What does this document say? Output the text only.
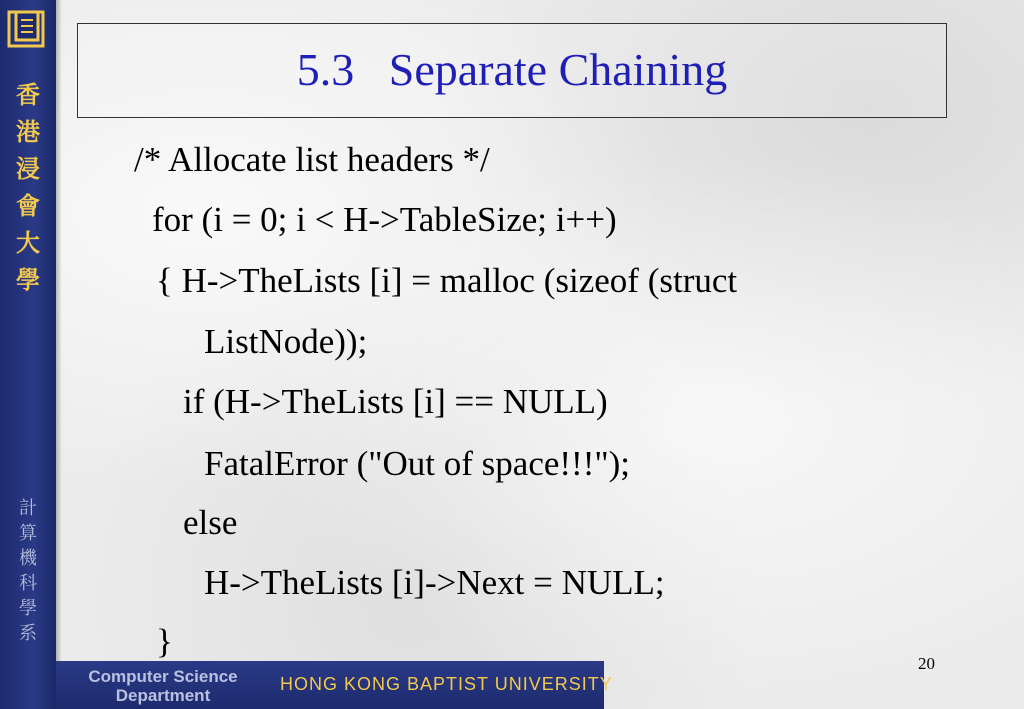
香
港
浸
會
大
學
計
算
機
科
學
系
Computer Science
Department
HONG KONG BAPTIST UNIVERSITY
5.3   Separate Chaining
/* Allocate list headers */
for (i = 0; i < H->TableSize; i++)
{ H->TheLists [i] = malloc (sizeof (struct
ListNode));
if (H->TheLists [i] == NULL)
FatalError ("Out of space!!!");
else
H->TheLists [i]->Next = NULL;
}
20
